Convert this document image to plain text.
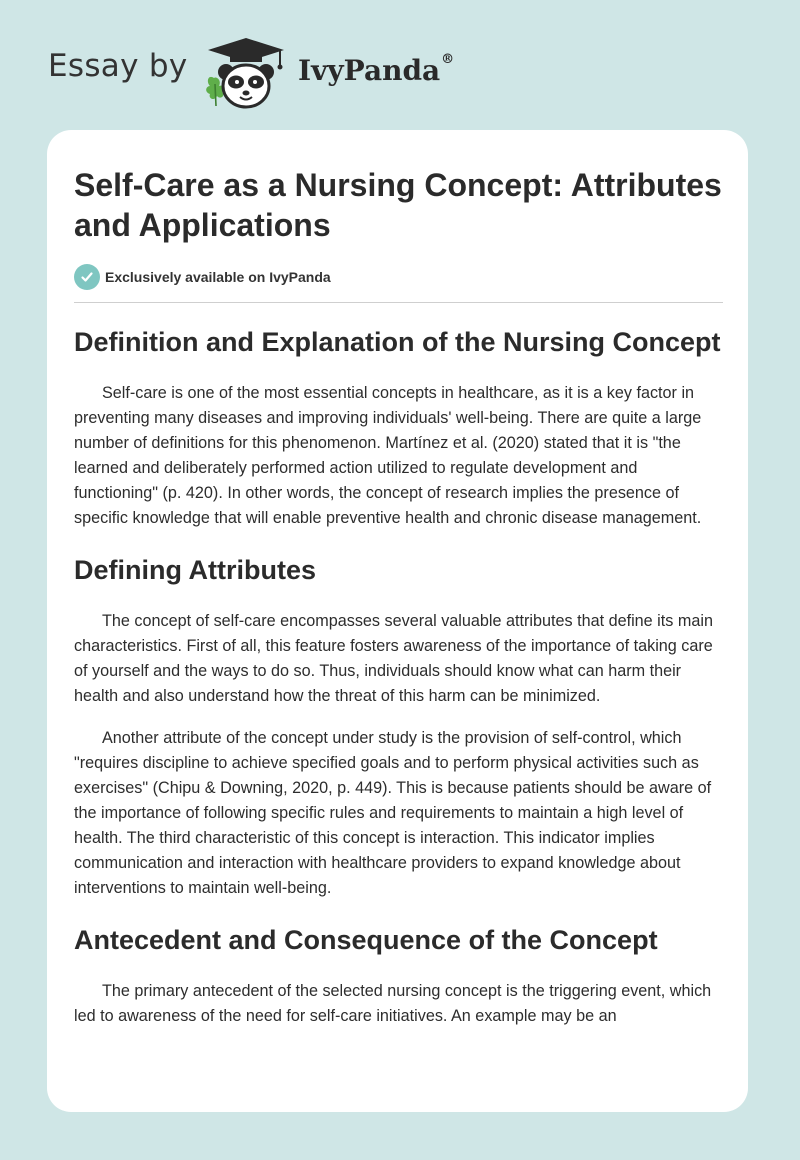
Essay by	IvyPanda®
Self-Care as a Nursing Concept: Attributes and Applications
Exclusively available on IvyPanda
Definition and Explanation of the Nursing Concept

Self-care is one of the most essential concepts in healthcare, as it is a key factor in preventing many diseases and improving individuals' well-being. There are quite a large number of definitions for this phenomenon. Martínez et al. (2020) stated that it is "the learned and deliberately performed action utilized to regulate development and functioning" (p. 420). In other words, the concept of research implies the presence of specific knowledge that will enable preventive health and chronic disease management.

Defining Attributes

The concept of self-care encompasses several valuable attributes that define its main characteristics. First of all, this feature fosters awareness of the importance of taking care of yourself and the ways to do so. Thus, individuals should know what can harm their health and also understand how the threat of this harm can be minimized.

Another attribute of the concept under study is the provision of self-control, which "requires discipline to achieve specified goals and to perform physical activities such as exercises" (Chipu & Downing, 2020, p. 449). This is because patients should be aware of the importance of following specific rules and requirements to maintain a high level of health. The third characteristic of this concept is interaction. This indicator implies communication and interaction with healthcare providers to expand knowledge about interventions to maintain well-being.

Antecedent and Consequence of the Concept

The primary antecedent of the selected nursing concept is the triggering event, which led to awareness of the need for self-care initiatives. An example may be an
